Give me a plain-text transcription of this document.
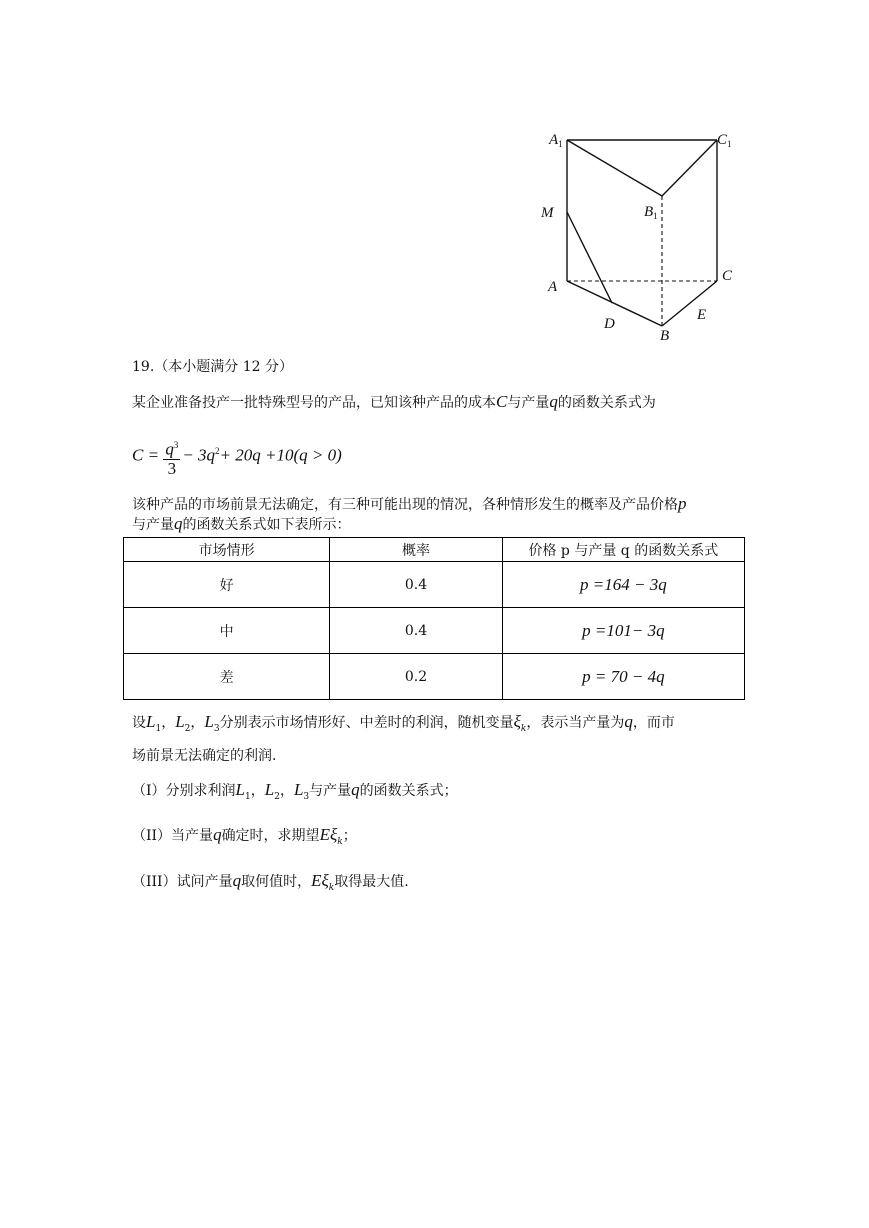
$A_1$	$C_1$
$B_1$
M
A
C
D
B
E
19.（本小题满分 12 分）
某企业准备投产一批特殊型号的产品，已知该种产品的成本C与产量q的函数关系式为
$C = \frac{q^3}{3} - 3q^2+ 20q +10(q > 0)$
该种产品的市场前景无法确定，有三种可能出现的情况，各种情形发生的概率及产品价格p
与产量q的函数关系式如下表所示：
市场情形	概率	价格 p 与产量 q 的函数关系式
好	0.4	p =164 − 3q
中	0.4	p =101− 3q
差	0.2	p = 70 − 4q
设$L_1$，$L_2$，$L_3$分别表示市场情形好、中差时的利润，随机变量$\xi_k$，表示当产量为q，而市
场前景无法确定的利润.
（I）分别求利润$L_1$，$L_2$，$L_3$与产量q的函数关系式；
（II）当产量q确定时，求期望$E\xi_k$；
（III）试问产量q取何值时，$E\xi_k$取得最大值.
